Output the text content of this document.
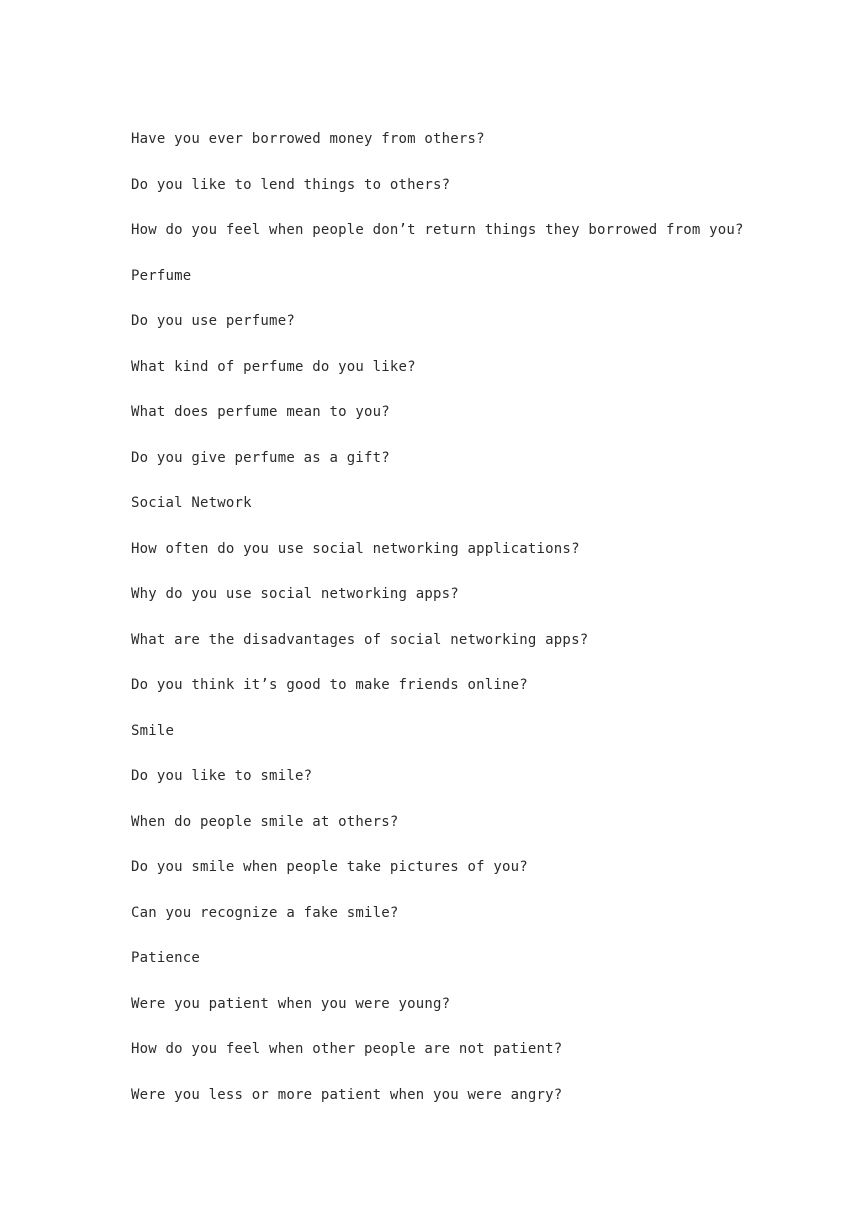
Have you ever borrowed money from others?

Do you like to lend things to others?

How do you feel when people don’t return things they borrowed from you?

Perfume

Do you use perfume?

What kind of perfume do you like?

What does perfume mean to you?

Do you give perfume as a gift?

Social Network

How often do you use social networking applications?

Why do you use social networking apps?

What are the disadvantages of social networking apps?

Do you think it’s good to make friends online?

Smile

Do you like to smile?

When do people smile at others?

Do you smile when people take pictures of you?

Can you recognize a fake smile?

Patience

Were you patient when you were young?

How do you feel when other people are not patient?

Were you less or more patient when you were angry?
